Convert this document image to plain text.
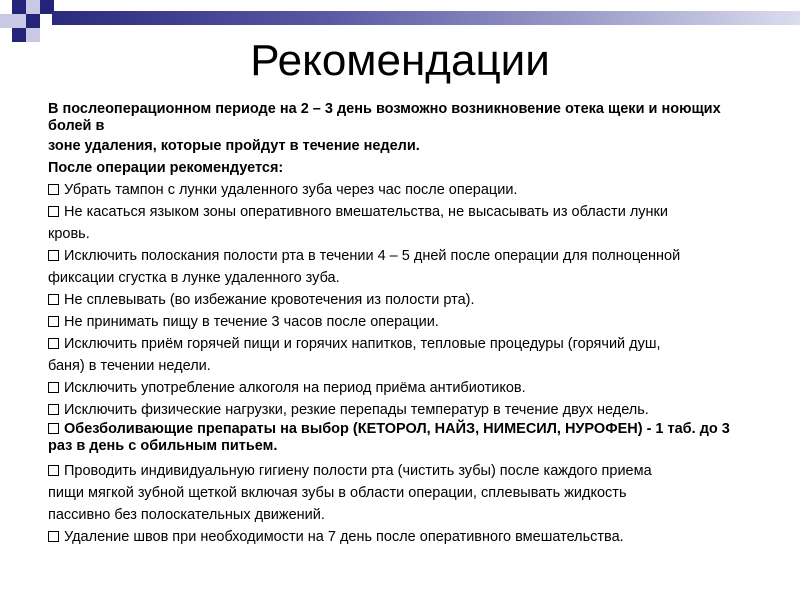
Рекомендации
В послеоперационном периоде на 2 – 3 день возможно возникновение отека щеки и ноющих болей в
зоне удаления, которые пройдут в течение недели.
После операции рекомендуется:
Убрать тампон с лунки удаленного зуба через час после операции.
Не касаться языком зоны оперативного вмешательства, не высасывать из области лунки
кровь.
Исключить полоскания полости рта в течении 4 – 5 дней после операции для полноценной
фиксации сгустка в лунке удаленного зуба.
Не сплевывать (во избежание кровотечения из полости рта).
Не принимать пищу в течение 3 часов после операции.
Исключить приём горячей пищи и горячих напитков, тепловые процедуры (горячий душ,
баня) в течении недели.
Исключить употребление алкоголя на период приёма антибиотиков.
Исключить физические нагрузки, резкие перепады температур в течение двух недель.
Обезболивающие препараты на выбор (КЕТОРОЛ, НАЙЗ, НИМЕСИЛ, НУРОФЕН) - 1 таб. до 3 раз в день с обильным питьем.
Проводить индивидуальную гигиену полости рта (чистить зубы) после каждого приема
пищи мягкой зубной щеткой включая зубы в области операции, сплевывать жидкость
пассивно без полоскательных движений.
Удаление швов при необходимости на 7 день после оперативного вмешательства.
